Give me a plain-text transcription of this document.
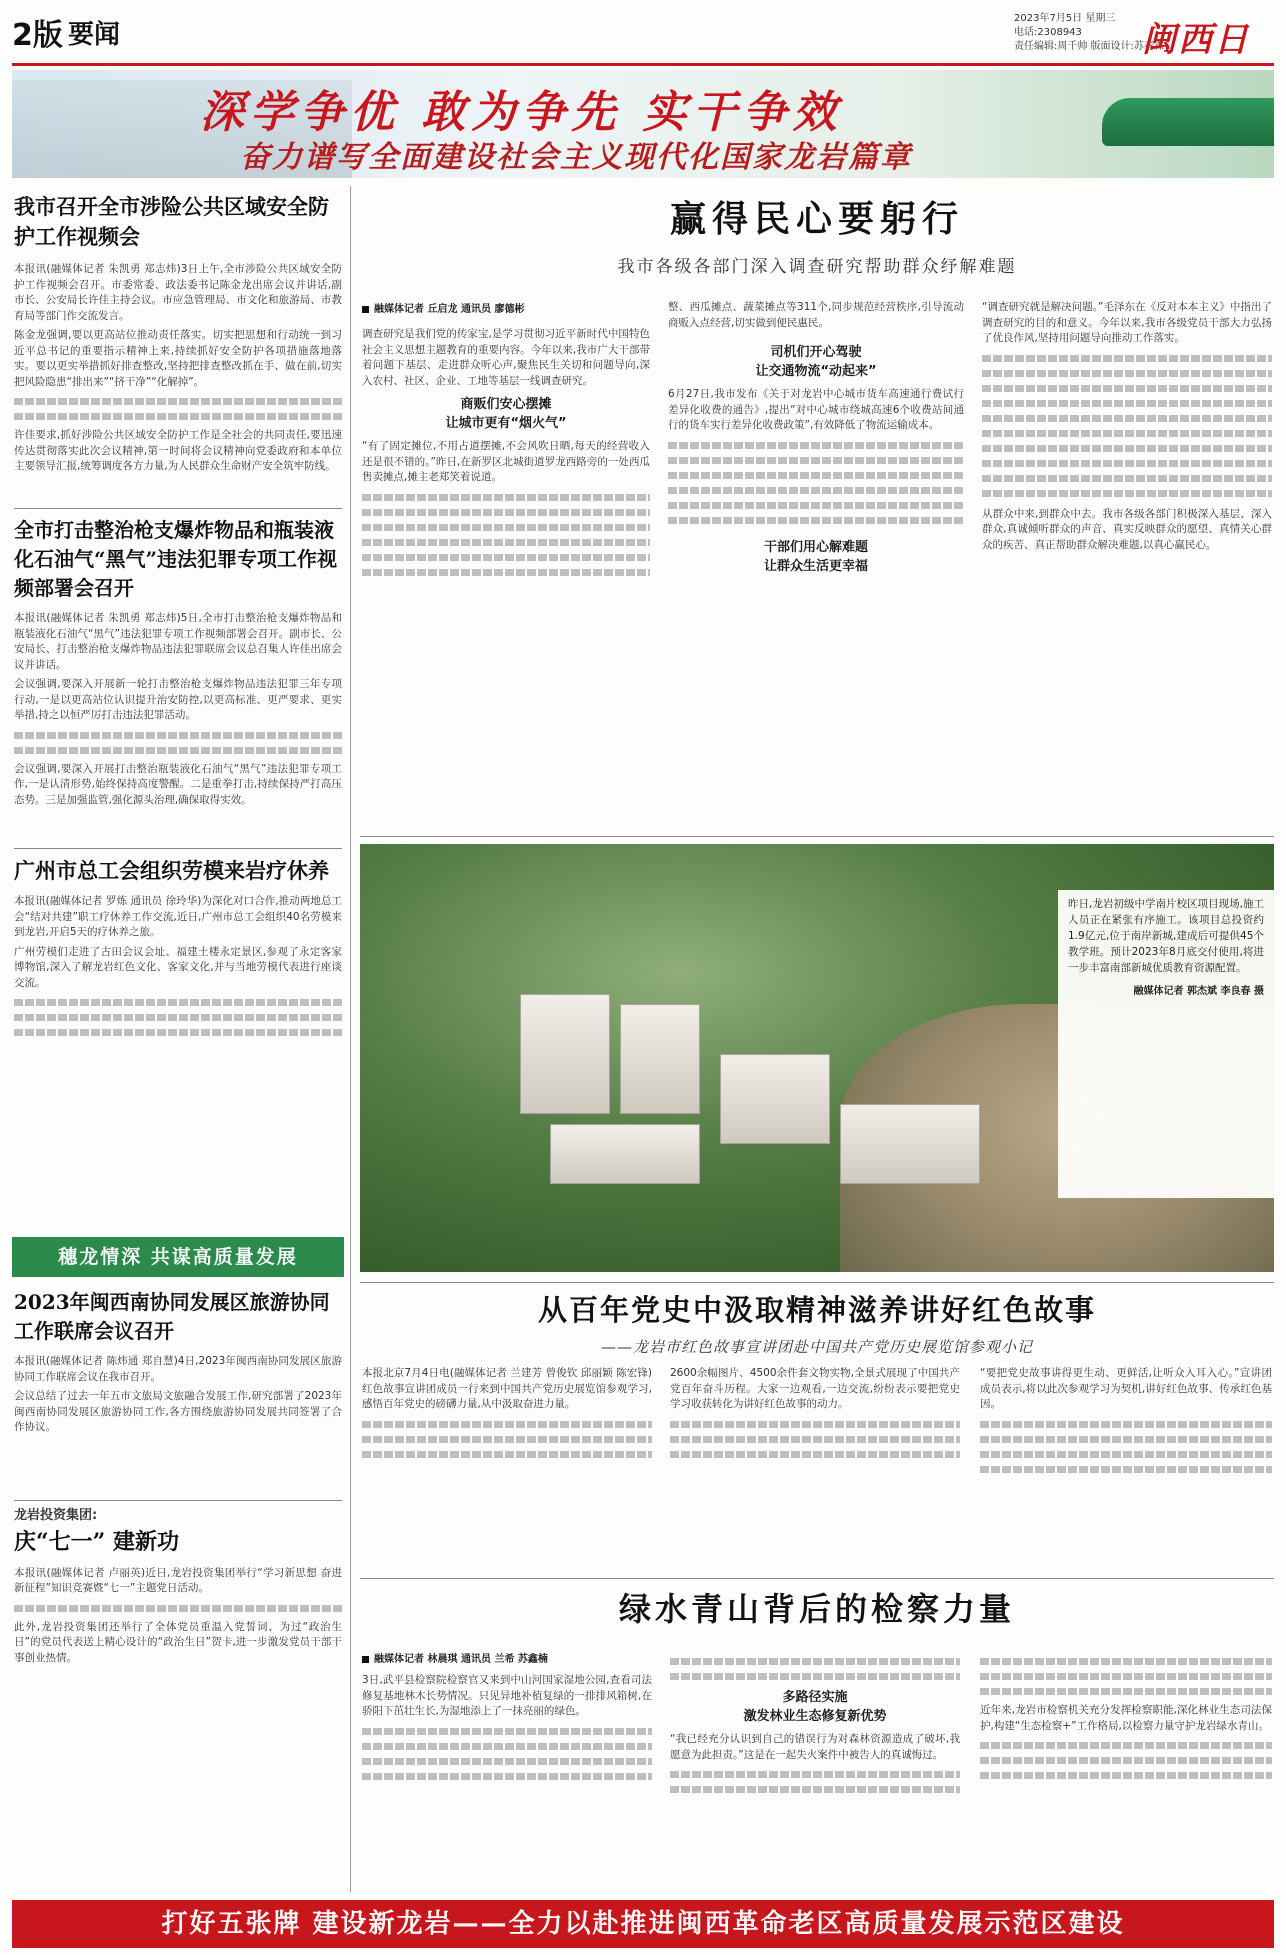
2版 要闻
2023年7月5日 星期三
电话:2308943
责任编辑:周千帅 版面设计:苏春霖
闽西日
深学争优 敢为争先 实干争效
奋力谱写全面建设社会主义现代化国家龙岩篇章
我市召开全市涉险公共区域安全防护工作视频会

本报讯(融媒体记者 朱凯勇 郑志炜)3日上午,全市涉险公共区域安全防护工作视频会召开。市委常委、政法委书记陈金龙出席会议并讲话,副市长、公安局长许佳主持会议。市应急管理局、市文化和旅游局、市教育局等部门作交流发言。

陈金龙强调,要以更高站位推动责任落实。切实把思想和行动统一到习近平总书记的重要指示精神上来,持续抓好安全防护各项措施落地落实。要以更实举措抓好排查整改,坚持把排查整改抓在手、做在前,切实把风险隐患“排出来”“挤干净”“化解掉”。

许佳要求,抓好涉险公共区域安全防护工作是全社会的共同责任,要迅速传达贯彻落实此次会议精神,第一时间将会议精神向党委政府和本单位主要领导汇报,统筹调度各方力量,为人民群众生命财产安全筑牢防线。

全市打击整治枪支爆炸物品和瓶装液化石油气“黑气”违法犯罪专项工作视频部署会召开

本报讯(融媒体记者 朱凯勇 郑志炜)5日,全市打击整治枪支爆炸物品和瓶装液化石油气“黑气”违法犯罪专项工作视频部署会召开。副市长、公安局长、打击整治枪支爆炸物品违法犯罪联席会议总召集人许佳出席会议并讲话。

会议强调,要深入开展新一轮打击整治枪支爆炸物品违法犯罪三年专项行动,一是以更高站位认识提升治安防控,以更高标准、更严要求、更实举措,持之以恒严厉打击违法犯罪活动。

会议强调,要深入开展打击整治瓶装液化石油气“黑气”违法犯罪专项工作,一是认清形势,始终保持高度警醒。二是重拳打击,持续保持严打高压态势。三是加强监管,强化源头治理,确保取得实效。

广州市总工会组织劳模来岩疗休养

本报讯(融媒体记者 罗炼 通讯员 徐玲华)为深化对口合作,推动两地总工会“结对共建”职工疗休养工作交流,近日,广州市总工会组织40名劳模来到龙岩,开启5天的疗休养之旅。

广州劳模们走进了古田会议会址、福建土楼永定景区,参观了永定客家博物馆,深入了解龙岩红色文化、客家文化,并与当地劳模代表进行座谈交流。

穗龙情深 共谋高质量发展
2023年闽西南协同发展区旅游协同工作联席会议召开

本报讯(融媒体记者 陈炜通 郑自慧)4日,2023年闽西南协同发展区旅游协同工作联席会议在我市召开。

会议总结了过去一年五市文旅局文旅融合发展工作,研究部署了2023年闽西南协同发展区旅游协同工作,各方围绕旅游协同发展共同签署了合作协议。

龙岩投资集团:
庆“七一” 建新功

本报讯(融媒体记者 卢丽英)近日,龙岩投资集团举行“学习新思想 奋进新征程”知识竞赛暨“七一”主题党日活动。

此外,龙岩投资集团还举行了全体党员重温入党誓词、为过“政治生日”的党员代表送上精心设计的“政治生日”贺卡,进一步激发党员干部干事创业热情。

赢得民心要躬行
我市各级各部门深入调查研究帮助群众纾解难题
融媒体记者 丘启龙 通讯员 廖德彬

调查研究是我们党的传家宝,是学习贯彻习近平新时代中国特色社会主义思想主题教育的重要内容。今年以来,我市广大干部带着问题下基层、走进群众听心声,聚焦民生关切和问题导向,深入农村、社区、企业、工地等基层一线调查研究。

商贩们安心摆摊
让城市更有“烟火气”

“有了固定摊位,不用占道摆摊,不会风吹日晒,每天的经营收入还是很不错的。”昨日,在新罗区北城街道罗龙西路旁的一处西瓜售卖摊点,摊主老郑笑着说道。

整、西瓜摊点、蔬菜摊点等311个,同步规范经营秩序,引导流动商贩入点经营,切实做到便民惠民。

司机们开心驾驶
让交通物流“动起来”

6月27日,我市发布《关于对龙岩中心城市货车高速通行费试行差异化收费的通告》,提出“对中心城市绕城高速6个收费站间通行的货车实行差异化收费政策”,有效降低了物流运输成本。

干部们用心解难题
让群众生活更幸福

“调查研究就是解决问题。”毛泽东在《反对本本主义》中指出了调查研究的目的和意义。今年以来,我市各级党员干部大力弘扬了优良作风,坚持用问题导向推动工作落实。

从群众中来,到群众中去。我市各级各部门积极深入基层、深入群众,真诚倾听群众的声音、真实反映群众的愿望、真情关心群众的疾苦、真正帮助群众解决难题,以真心赢民心。

昨日,龙岩初级中学南片校区项目现场,施工人员正在紧张有序施工。该项目总投资约1.9亿元,位于南岸新城,建成后可提供45个教学班。预计2023年8月底交付使用,将进一步丰富南部新城优质教育资源配置。

融媒体记者 郭杰斌 李良春 摄

从百年党史中汲取精神滋养讲好红色故事
——龙岩市红色故事宣讲团赴中国共产党历史展览馆参观小记

本报北京7月4日电(融媒体记者 兰建芳 曾俊钦 邱丽颖 陈宏锋)红色故事宣讲团成员一行来到中国共产党历史展览馆参观学习,感悟百年党史的磅礴力量,从中汲取奋进力量。

2600余幅图片、4500余件套文物实物,全景式展现了中国共产党百年奋斗历程。大家一边观看,一边交流,纷纷表示要把党史学习收获转化为讲好红色故事的动力。

“要把党史故事讲得更生动、更鲜活,让听众入耳入心。”宣讲团成员表示,将以此次参观学习为契机,讲好红色故事、传承红色基因。

绿水青山背后的检察力量
融媒体记者 林晨琪 通讯员 兰希 苏鑫楠

3日,武平县检察院检察官又来到中山河国家湿地公园,查看司法修复基地林木长势情况。只见异地补植复绿的一排排风箱树,在骄阳下茁壮生长,为湿地添上了一抹亮丽的绿色。

多路径实施
激发林业生态修复新优势

“我已经充分认识到自己的错误行为对森林资源造成了破坏,我愿意为此担责。”这是在一起失火案件中被告人的真诚悔过。

近年来,龙岩市检察机关充分发挥检察职能,深化林业生态司法保护,构建“生态检察+”工作格局,以检察力量守护龙岩绿水青山。

打好五张牌 建设新龙岩——全力以赴推进闽西革命老区高质量发展示范区建设
